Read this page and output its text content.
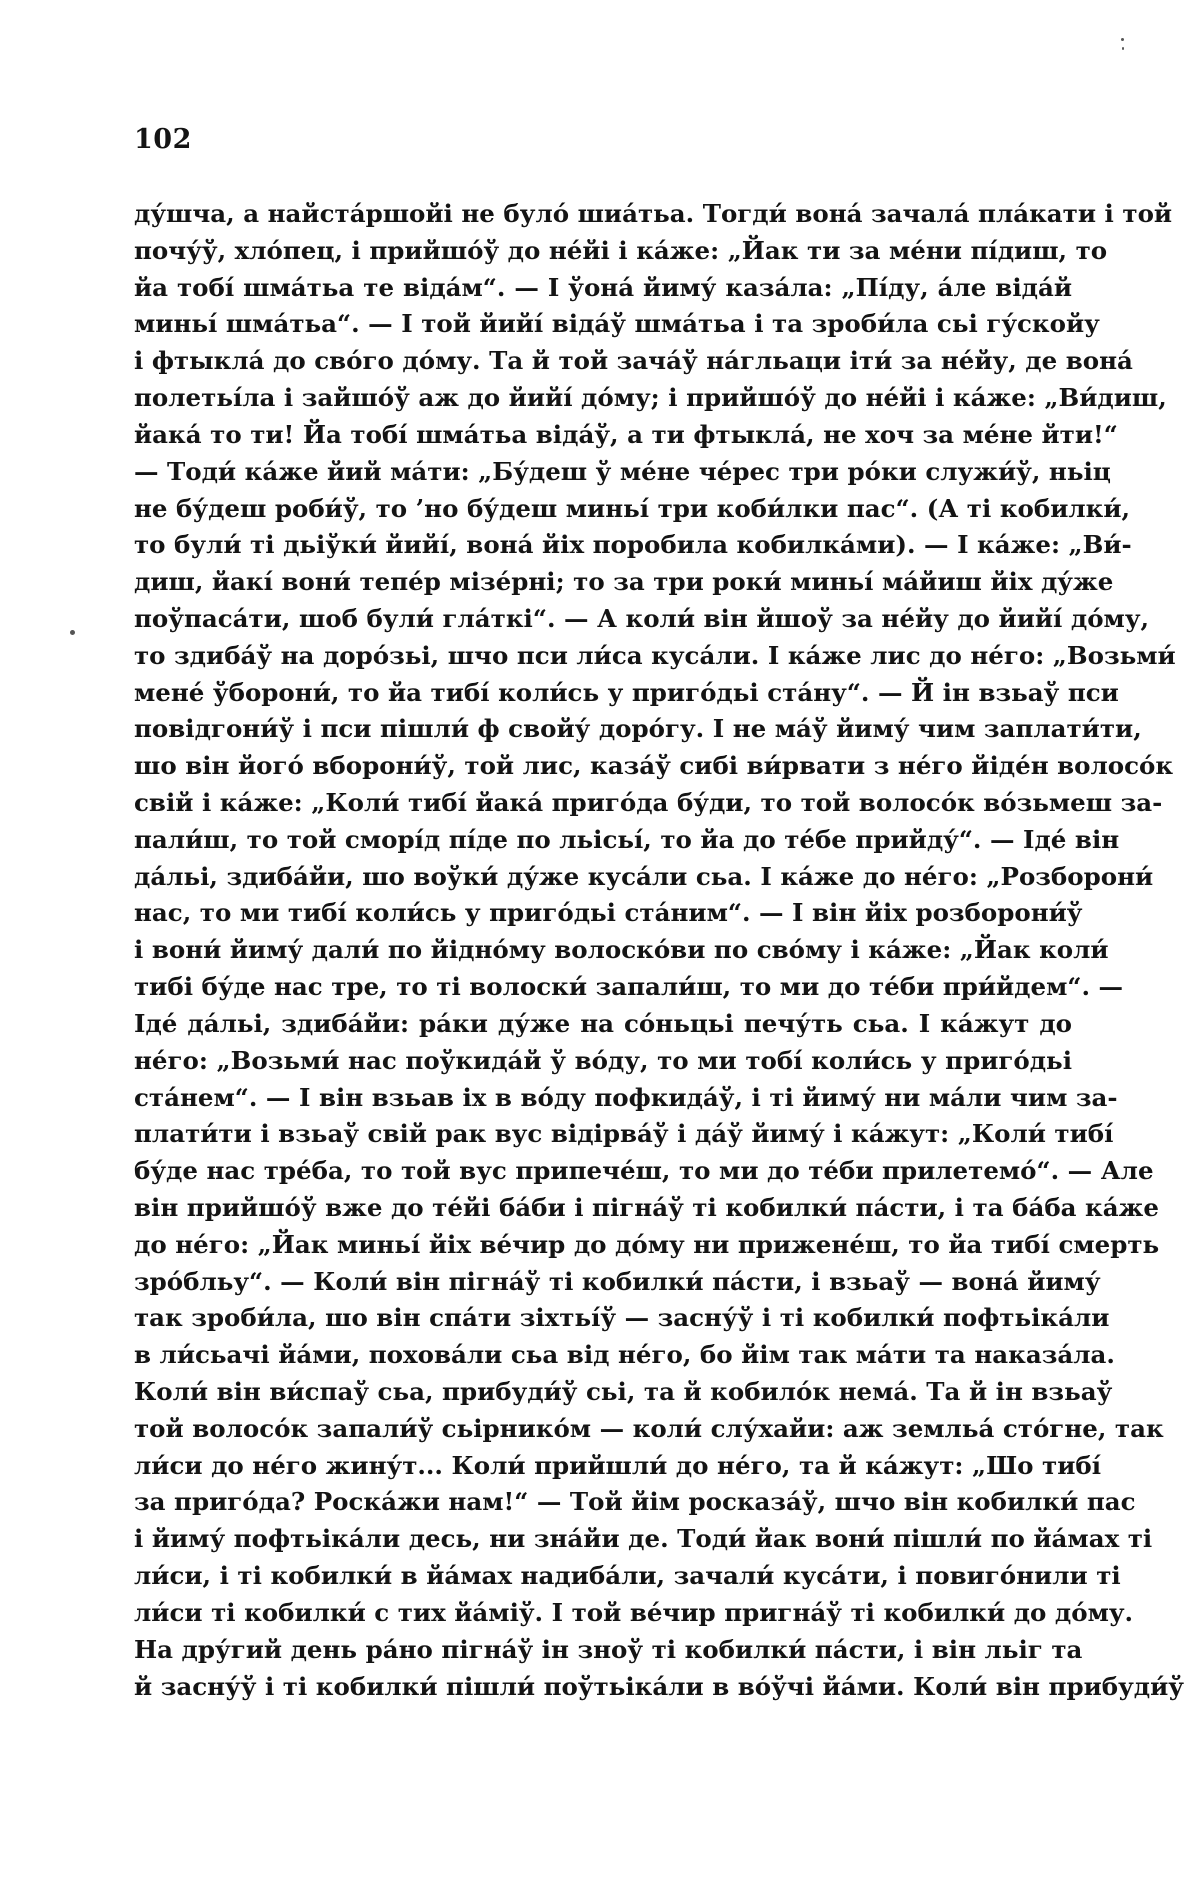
102
ду́шча, а найста́ршойі не було́ шиа́тьа. Тогди́ вона́ зачала́ пла́кати і той
почу́ў, хло́пец, і прийшо́ў до не́йі і ка́же: „Йак ти за ме́ни пі́диш, то
йа тобі́ шма́тьа те віда́м“. — І ўона́ йиму́ каза́ла: „Пі́ду, а́ле віда́й
миньі́ шма́тьа“. — І той йийі́ віда́ў шма́тьа і та зроби́ла сьі гу́скойу
і фтыкла́ до сво́го до́му. Та й той зача́ў на́гльаци іти́ за не́йу, де вона́
полетьі́ла і зайшо́ў аж до йийі́ до́му; і прийшо́ў до не́йі і ка́же: „Ви́диш,
йака́ то ти! Йа тобі́ шма́тьа віда́ў, а ти фтыкла́, не хоч за ме́не йти!“
— Тоди́ ка́же йий ма́ти: „Бу́деш ў ме́не че́рес три ро́ки служи́ў, ньіц
не бу́деш роби́ў, то ’но бу́деш миньі́ три коби́лки пас“. (А ті кобилки́,
то були́ ті дьіўки́ йийі́, вона́ йіх поробила кобилка́ми). — І ка́же: „Ви́-
диш, йакі́ вони́ тепе́р мізе́рні; то за три роки́ миньі́ ма́йиш йіх ду́же
поўпаса́ти, шоб були́ гла́ткі“. — А коли́ він йшоў за не́йу до йийі́ до́му,
то здиба́ў на доро́зьі, шчо пси ли́са куса́ли. І ка́же лис до не́го: „Возьми́
мене́ ўборони́, то йа тибі́ коли́сь у приго́дьі ста́ну“. — Й ін взьаў пси
повідгони́ў і пси пішли́ ф свойу́ доро́гу. І не ма́ў йиму́ чим заплати́ти,
шо він його́ вборони́ў, той лис, каза́ў сибі ви́рвати з не́го йіде́н волосо́к
свій і ка́же: „Коли́ тибі́ йака́ приго́да бу́ди, то той волосо́к во́зьмеш за-
пали́ш, то той сморі́д пі́де по льісьі́, то йа до те́бе прийду́“. — Іде́ він
да́льі, здиба́йи, шо воўки́ ду́же куса́ли сьа. І ка́же до не́го: „Розборони́
нас, то ми тибі́ коли́сь у приго́дьі ста́ним“. — І він йіх розборони́ў
і вони́ йиму́ дали́ по йідно́му волоско́ви по сво́му і ка́же: „Йак коли́
тибі бу́де нас тре, то ті волоски́ запали́ш, то ми до те́би при́йдем“. —
Іде́ да́льі, здиба́йи: ра́ки ду́же на со́ньцьі печу́ть сьа. І ка́жут до
не́го: „Возьми́ нас поўкида́й ў во́ду, то ми тобі́ коли́сь у приго́дьі
ста́нем“. — І він взьав іх в во́ду пофкида́ў, і ті йиму́ ни ма́ли чим за-
плати́ти і взьаў свій рак вус відірва́ў і да́ў йиму́ і ка́жут: „Коли́ тибі́
бу́де нас тре́ба, то той вус припече́ш, то ми до те́би прилетемо́“. — Але
він прийшо́ў вже до те́йі ба́би і пігна́ў ті кобилки́ па́сти, і та ба́ба ка́же
до не́го: „Йак миньі́ йіх ве́чир до до́му ни прижене́ш, то йа тибі́ смерть
зро́бльу“. — Коли́ він пігна́ў ті кобилки́ па́сти, і взьаў — вона́ йиму́
так зроби́ла, шо він спа́ти зіхтьі́ў — засну́ў і ті кобилки́ пофтьіка́ли
в ли́сьачі йа́ми, похова́ли сьа від не́го, бо йім так ма́ти та наказа́ла.
Коли́ він ви́спаў сьа, прибуди́ў сьі, та й кобило́к нема́. Та й ін взьаў
той волосо́к запали́ў сьірнико́м — коли́ слу́хайи: аж земльа́ сто́гне, так
ли́си до не́го жину́т... Коли́ прийшли́ до не́го, та й ка́жут: „Шо тибі́
за приго́да? Роска́жи нам!“ — Той йім росказа́ў, шчо він кобилки́ пас
і йиму́ пофтьіка́ли десь, ни зна́йи де. Тоди́ йак вони́ пішли́ по йа́мах ті
ли́си, і ті кобилки́ в йа́мах надиба́ли, зачали́ куса́ти, і повиго́нили ті
ли́си ті кобилки́ с тих йа́міў. І той ве́чир пригна́ў ті кобилки́ до до́му.
На дру́гий день ра́но пігна́ў ін зноў ті кобилки́ па́сти, і він льіг та
й засну́ў і ті кобилки́ пішли́ поўтьіка́ли в во́ўчі йа́ми. Коли́ він прибуди́ў
